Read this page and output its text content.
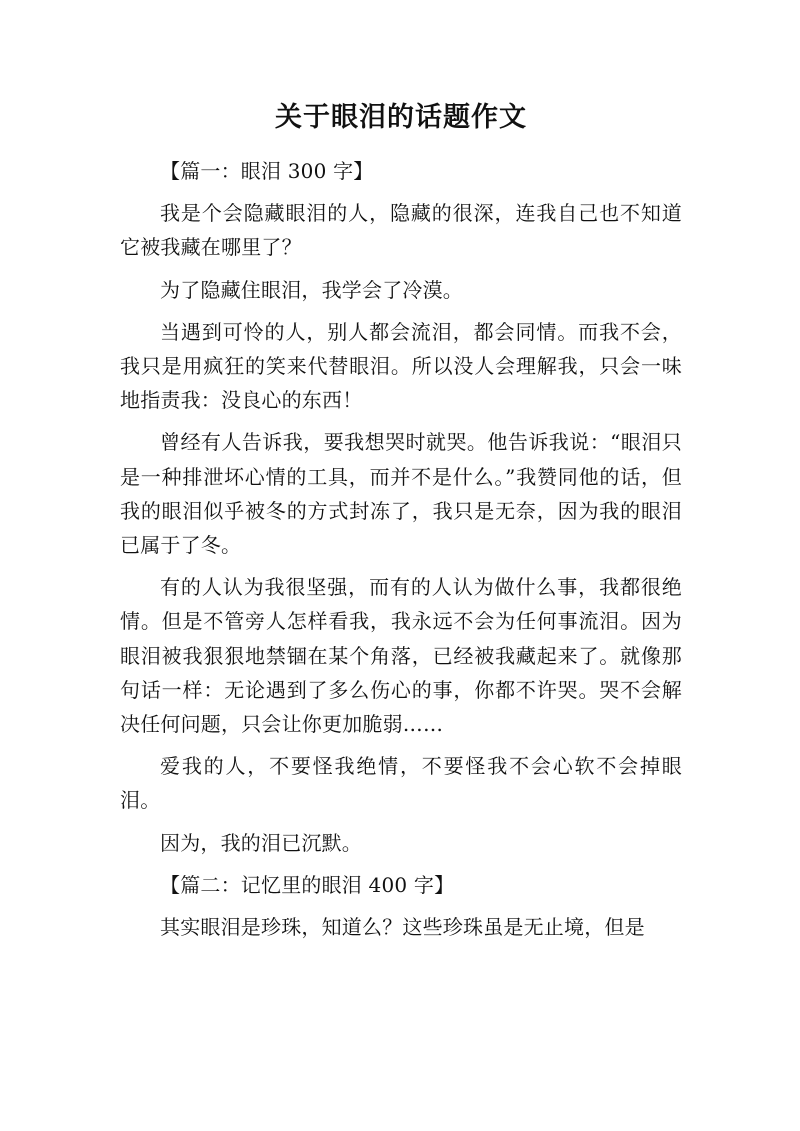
关于眼泪的话题作文

【篇一：眼泪 300 字】

我是个会隐藏眼泪的人，隐藏的很深，连我自己也不知道它被我藏在哪里了？

为了隐藏住眼泪，我学会了冷漠。

当遇到可怜的人，别人都会流泪，都会同情。而我不会，我只是用疯狂的笑来代替眼泪。所以没人会理解我，只会一味地指责我：没良心的东西！

曾经有人告诉我，要我想哭时就哭。他告诉我说：“眼泪只是一种排泄坏心情的工具，而并不是什么。”我赞同他的话，但我的眼泪似乎被冬的方式封冻了，我只是无奈，因为我的眼泪已属于了冬。

有的人认为我很坚强，而有的人认为做什么事，我都很绝情。但是不管旁人怎样看我，我永远不会为任何事流泪。因为眼泪被我狠狠地禁锢在某个角落，已经被我藏起来了。就像那句话一样：无论遇到了多么伤心的事，你都不许哭。哭不会解决任何问题，只会让你更加脆弱……

爱我的人，不要怪我绝情，不要怪我不会心软不会掉眼泪。

因为，我的泪已沉默。

【篇二：记忆里的眼泪 400 字】

其实眼泪是珍珠，知道么？这些珍珠虽是无止境，但是
